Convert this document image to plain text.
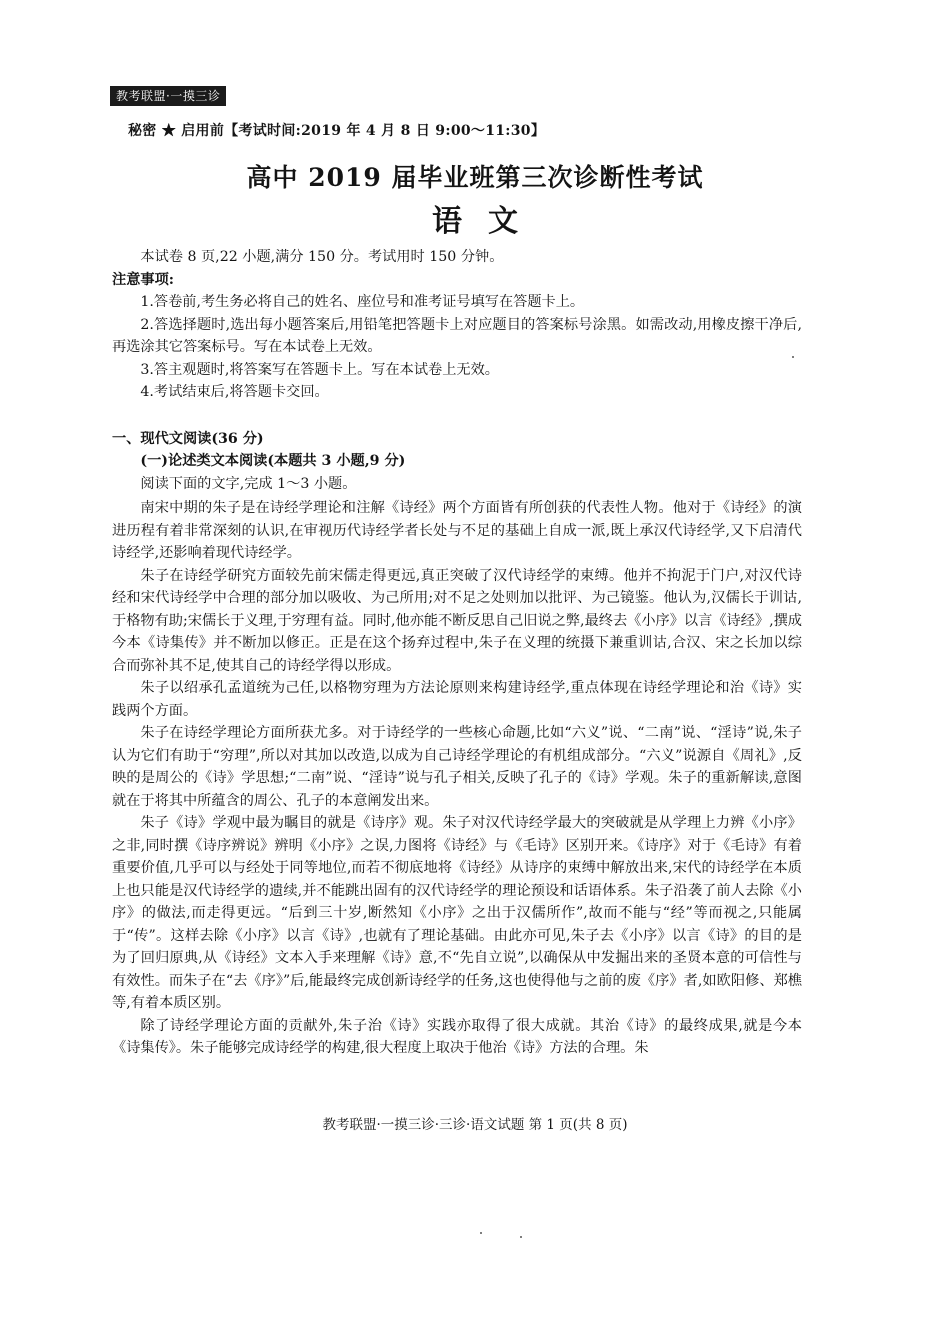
教考联盟·一摸三诊
秘密 ★ 启用前【考试时间:2019 年 4 月 8 日 9:00～11:30】
高中 2019 届毕业班第三次诊断性考试
语文

本试卷 8 页,22 小题,满分 150 分。考试用时 150 分钟。

注意事项:

1.答卷前,考生务必将自己的姓名、座位号和准考证号填写在答题卡上。

2.答选择题时,选出每小题答案后,用铅笔把答题卡上对应题目的答案标号涂黑。如需改动,用橡皮擦干净后,再选涂其它答案标号。写在本试卷上无效。

3.答主观题时,将答案写在答题卡上。写在本试卷上无效。

4.考试结束后,将答题卡交回。

一、现代文阅读(36 分)

(一)论述类文本阅读(本题共 3 小题,9 分)

阅读下面的文字,完成 1～3 小题。

南宋中期的朱子是在诗经学理论和注解《诗经》两个方面皆有所创获的代表性人物。他对于《诗经》的演进历程有着非常深刻的认识,在审视历代诗经学者长处与不足的基础上自成一派,既上承汉代诗经学,又下启清代诗经学,还影响着现代诗经学。

朱子在诗经学研究方面较先前宋儒走得更远,真正突破了汉代诗经学的束缚。他并不拘泥于门户,对汉代诗经和宋代诗经学中合理的部分加以吸收、为己所用;对不足之处则加以批评、为己镜鉴。他认为,汉儒长于训诂,于格物有助;宋儒长于义理,于穷理有益。同时,他亦能不断反思自己旧说之弊,最终去《小序》以言《诗经》,撰成今本《诗集传》并不断加以修正。正是在这个扬弃过程中,朱子在义理的统摄下兼重训诂,合汉、宋之长加以综合而弥补其不足,使其自己的诗经学得以形成。

朱子以绍承孔孟道统为己任,以格物穷理为方法论原则来构建诗经学,重点体现在诗经学理论和治《诗》实践两个方面。

朱子在诗经学理论方面所获尤多。对于诗经学的一些核心命题,比如“六义”说、“二南”说、“淫诗”说,朱子认为它们有助于“穷理”,所以对其加以改造,以成为自己诗经学理论的有机组成部分。“六义”说源自《周礼》,反映的是周公的《诗》学思想;“二南”说、“淫诗”说与孔子相关,反映了孔子的《诗》学观。朱子的重新解读,意图就在于将其中所蕴含的周公、孔子的本意阐发出来。

朱子《诗》学观中最为瞩目的就是《诗序》观。朱子对汉代诗经学最大的突破就是从学理上力辨《小序》之非,同时撰《诗序辨说》辨明《小序》之误,力图将《诗经》与《毛诗》区别开来。《诗序》对于《毛诗》有着重要价值,几乎可以与经处于同等地位,而若不彻底地将《诗经》从诗序的束缚中解放出来,宋代的诗经学在本质上也只能是汉代诗经学的遗续,并不能跳出固有的汉代诗经学的理论预设和话语体系。朱子沿袭了前人去除《小序》的做法,而走得更远。“后到三十岁,断然知《小序》之出于汉儒所作”,故而不能与“经”等而视之,只能属于“传”。这样去除《小序》以言《诗》,也就有了理论基础。由此亦可见,朱子去《小序》以言《诗》的目的是为了回归原典,从《诗经》文本入手来理解《诗》意,不“先自立说”,以确保从中发掘出来的圣贤本意的可信性与有效性。而朱子在“去《序》”后,能最终完成创新诗经学的任务,这也使得他与之前的废《序》者,如欧阳修、郑樵等,有着本质区别。

除了诗经学理论方面的贡献外,朱子治《诗》实践亦取得了很大成就。其治《诗》的最终成果,就是今本《诗集传》。朱子能够完成诗经学的构建,很大程度上取决于他治《诗》方法的合理。朱

教考联盟·一摸三诊·三诊·语文试题 第 1 页(共 8 页)
